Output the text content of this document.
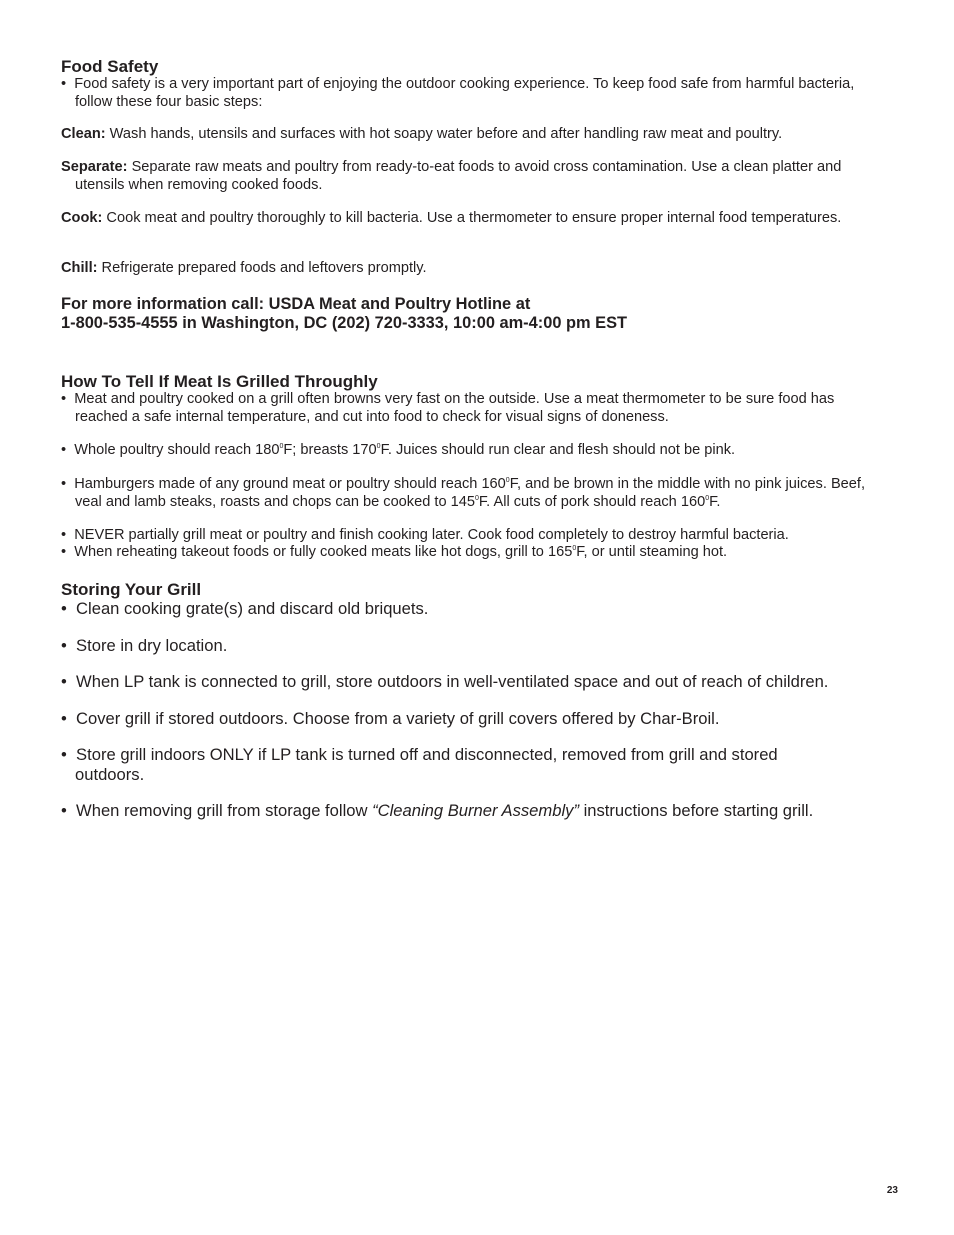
Food Safety

• Food safety is a very important part of enjoying the outdoor cooking experience. To keep food safe from harmful bacteria, follow these four basic steps:

Clean: Wash hands, utensils and surfaces with hot soapy water before and after handling raw meat and poultry.

Separate: Separate raw meats and poultry from ready-to-eat foods to avoid cross contamination. Use a clean platter and utensils when removing cooked foods.

Cook: Cook meat and poultry thoroughly to kill bacteria. Use a thermometer to ensure proper internal food temperatures.

Chill: Refrigerate prepared foods and leftovers promptly.

For more information call: USDA Meat and Poultry Hotline at

1-800-535-4555 in Washington, DC (202) 720-3333, 10:00 am-4:00 pm EST

How To Tell If Meat Is Grilled Throughly

• Meat and poultry cooked on a grill often browns very fast on the outside. Use a meat thermometer to be sure food has reached a safe internal temperature, and cut into food to check for visual signs of doneness.

• Whole poultry should reach $180^0F$; breasts $170^0F$. Juices should run clear and flesh should not be pink.

• Hamburgers made of any ground meat or poultry should reach $160^0F$, and be brown in the middle with no pink juices. Beef, veal and lamb steaks, roasts and chops can be cooked to $145^0F$. All cuts of pork should reach $160^0F$.

• NEVER partially grill meat or poultry and finish cooking later. Cook food completely to destroy harmful bacteria.

• When reheating takeout foods or fully cooked meats like hot dogs, grill to $165^0F$, or until steaming hot.

Storing Your Grill

• Clean cooking grate(s) and discard old briquets.

• Store in dry location.

• When LP tank is connected to grill, store outdoors in well-ventilated space and out of reach of children.

• Cover grill if stored outdoors. Choose from a variety of grill covers offered by Char-Broil.

• Store grill indoors ONLY if LP tank is turned off and disconnected, removed from grill and stored outdoors.

• When removing grill from storage follow “Cleaning Burner Assembly” instructions before starting grill.

23
